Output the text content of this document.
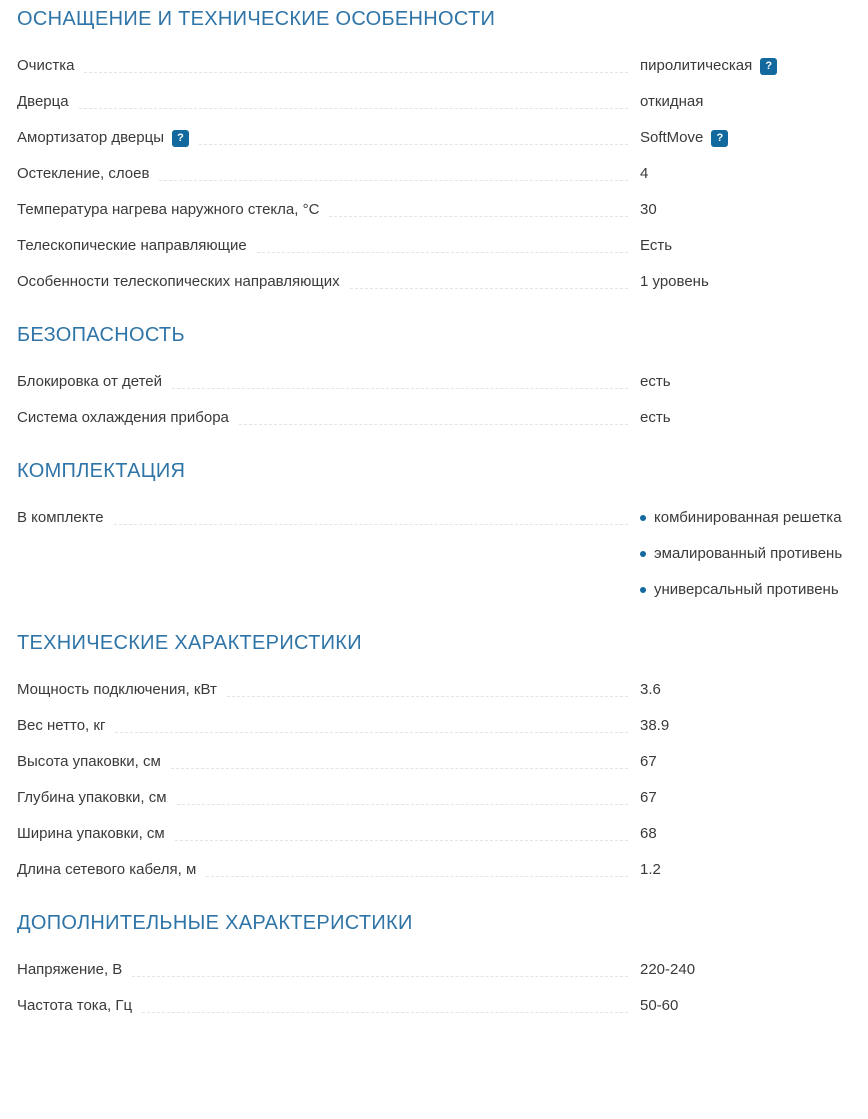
ОСНАЩЕНИЕ И ТЕХНИЧЕСКИЕ ОСОБЕННОСТИ
Очистка	пиролитическая	?
Дверца	откидная
Амортизатор дверцы	?	SoftMove	?
Остекление, слоев	4
Температура нагрева наружного стекла, °С	30
Телескопические направляющие	Есть
Особенности телескопических направляющих	1 уровень
БЕЗОПАСНОСТЬ
Блокировка от детей	есть
Система охлаждения прибора	есть
КОМПЛЕКТАЦИЯ
В комплекте	комбинированная решетка
эмалированный противень
универсальный противень
ТЕХНИЧЕСКИЕ ХАРАКТЕРИСТИКИ
Мощность подключения, кВт	3.6
Вес нетто, кг	38.9
Высота упаковки, см	67
Глубина упаковки, см	67
Ширина упаковки, см	68
Длина сетевого кабеля, м	1.2
ДОПОЛНИТЕЛЬНЫЕ ХАРАКТЕРИСТИКИ
Напряжение, В	220-240
Частота тока, Гц	50-60
